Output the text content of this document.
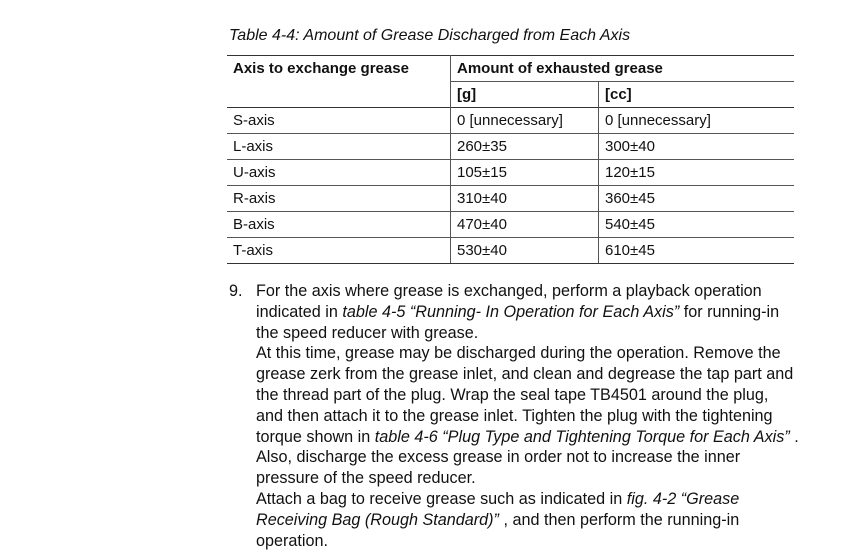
Table 4-4: Amount of Grease Discharged from Each Axis
Axis to exchange grease	Amount of exhausted grease	
	[g]	[cc]
S-axis	0 [unnecessary]	0 [unnecessary]
L-axis	260±35	300±40
U-axis	105±15	120±15
R-axis	310±40	360±45
B-axis	470±40	540±45
T-axis	530±40	610±45
9. For the axis where grease is exchanged, perform a playback operation indicated in table 4-5 “Running- In Operation for Each Axis” for running-in the speed reducer with grease.

At this time, grease may be discharged during the operation. Remove the grease zerk from the grease inlet, and clean and degrease the tap part and the thread part of the plug. Wrap the seal tape TB4501 around the plug, and then attach it to the grease inlet. Tighten the plug with the tightening torque shown in table 4-6 “Plug Type and Tightening Torque for Each Axis” . Also, discharge the excess grease in order not to increase the inner pressure of the speed reducer.

Attach a bag to receive grease such as indicated in fig. 4-2 “Grease Receiving Bag (Rough Standard)” , and then perform the running-in operation.
